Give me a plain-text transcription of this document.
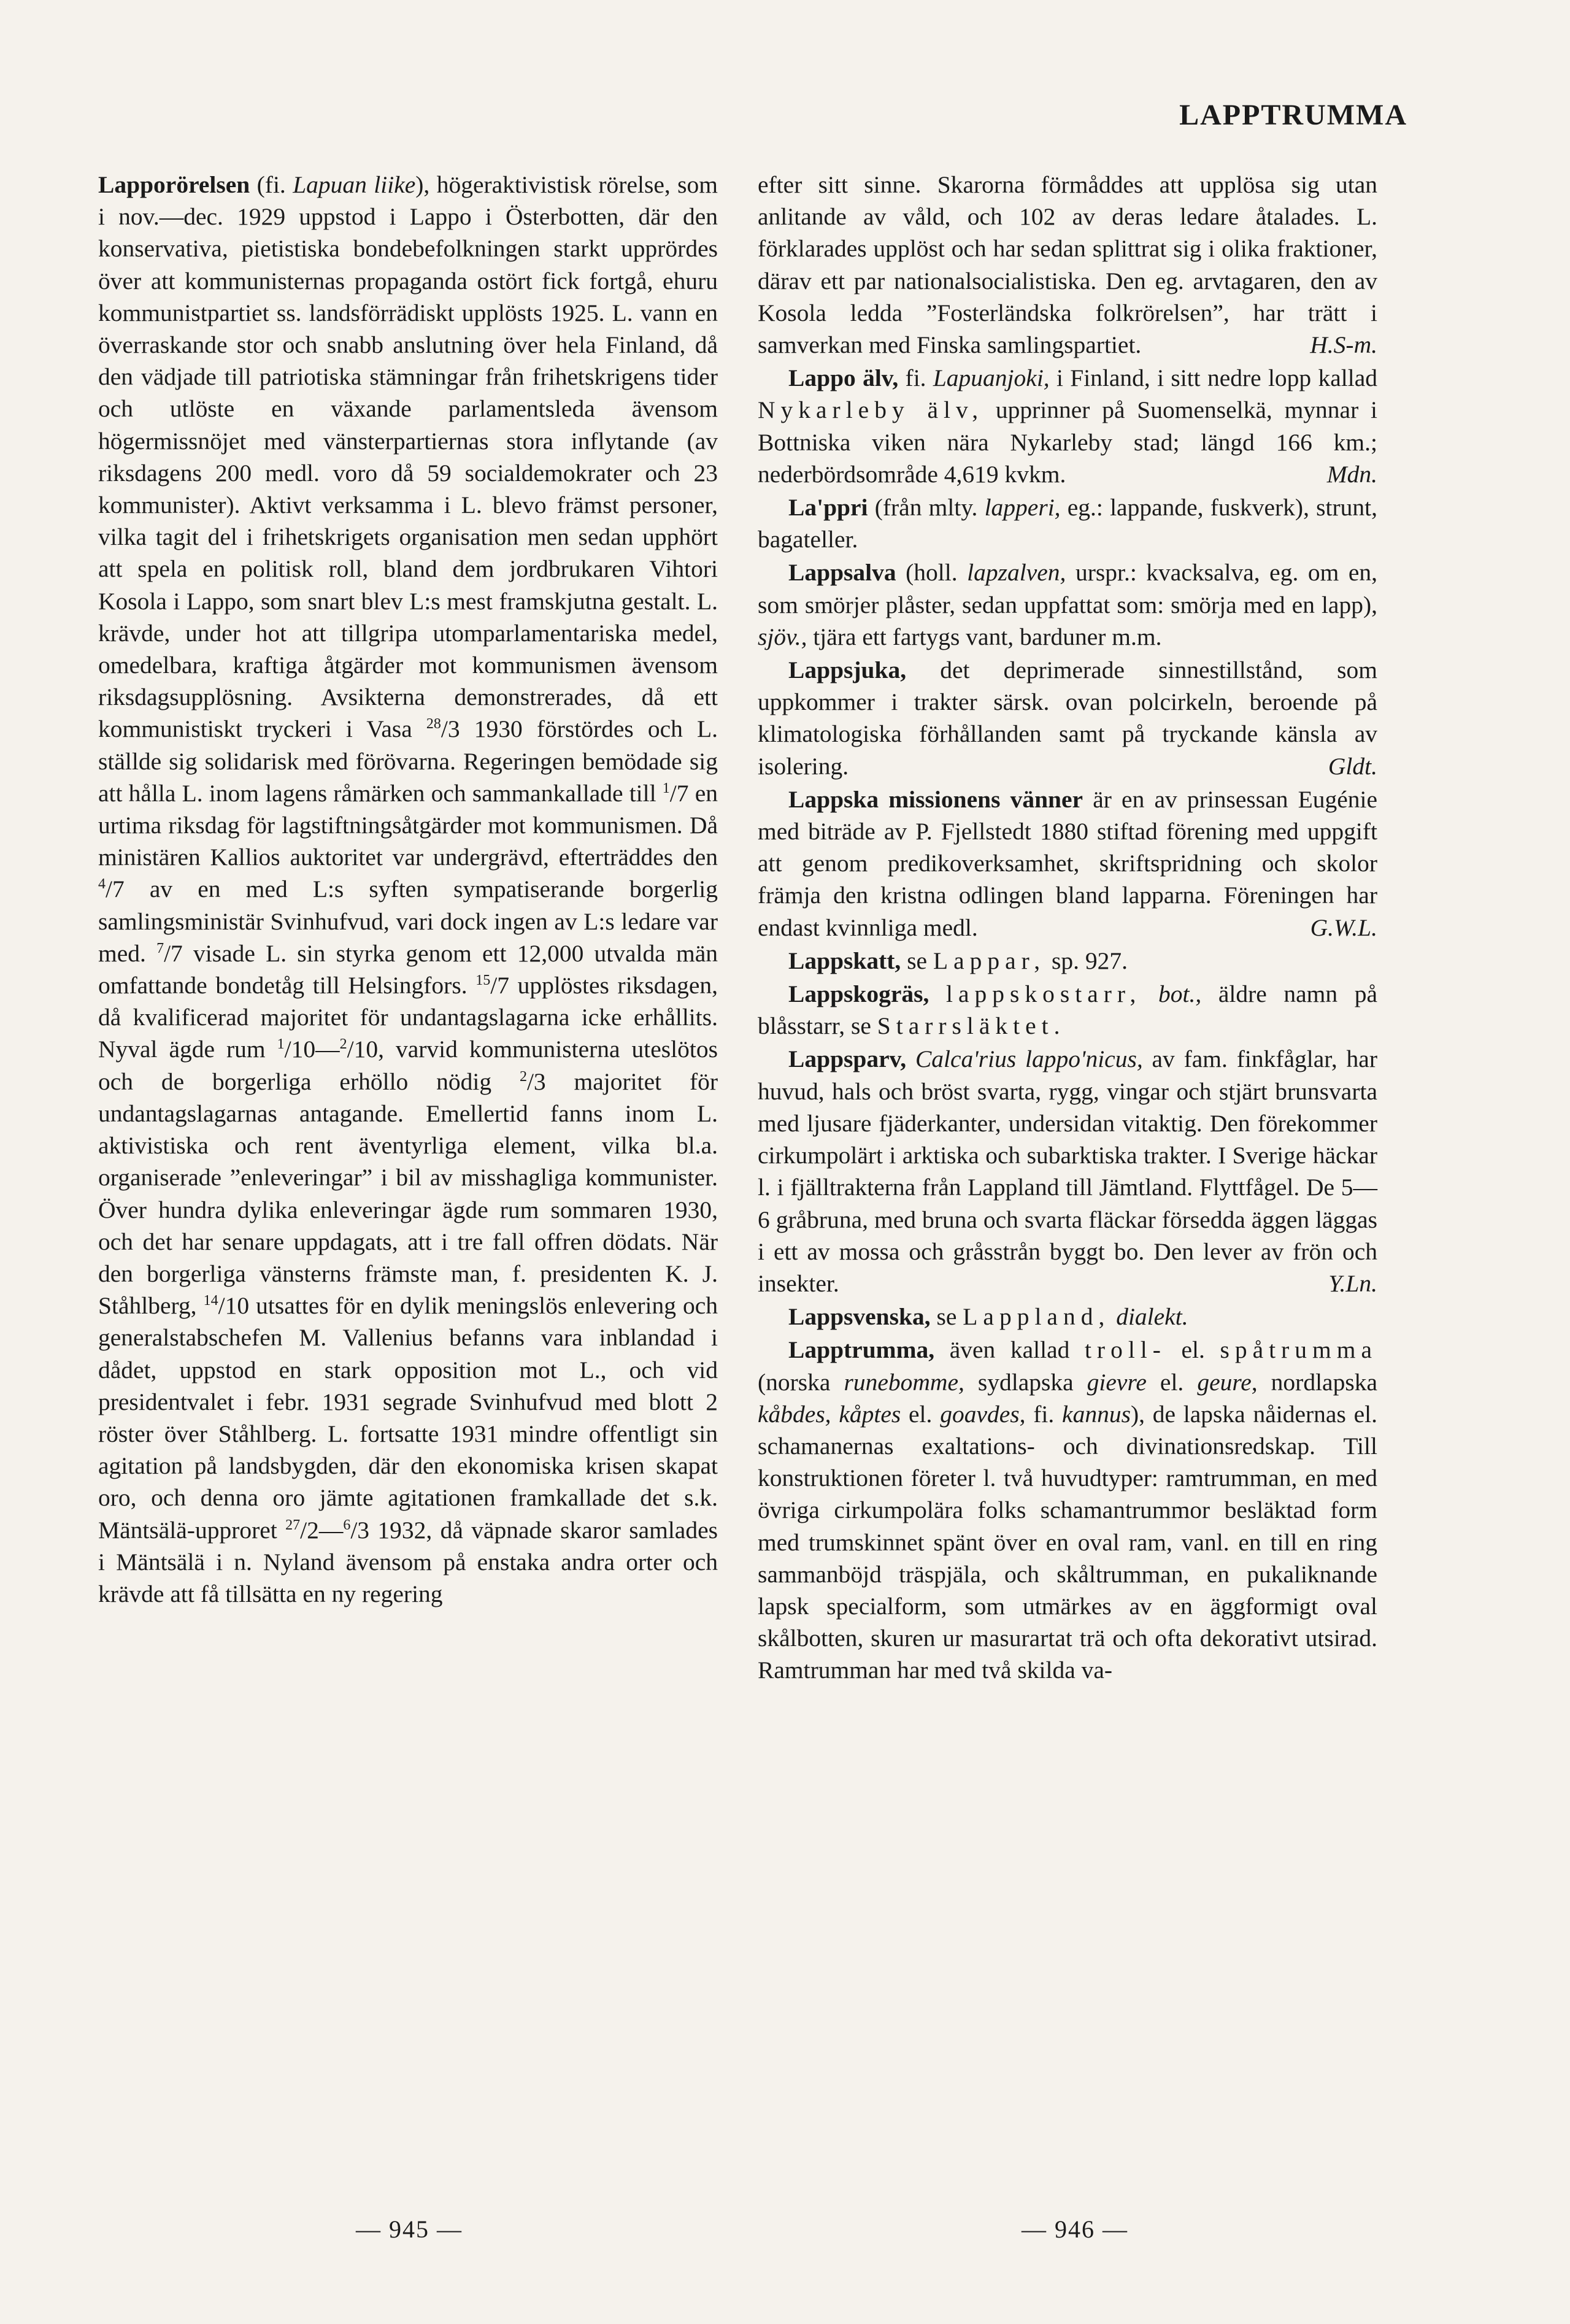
LAPPTRUMMA

Lapporörelsen (fi. Lapuan liike), högeraktivistisk rörelse, som i nov.—dec. 1929 uppstod i Lappo i Österbotten, där den konservativa, pietistiska bondebefolkningen starkt upprördes över att kommunisternas propaganda ostört fick fortgå, ehuru kommunistpartiet ss. landsförrädiskt upplösts 1925. L. vann en överraskande stor och snabb anslutning över hela Finland, då den vädjade till patriotiska stämningar från frihetskrigens tider och utlöste en växande parlamentsleda ävensom högermissnöjet med vänsterpartiernas stora inflytande (av riksdagens 200 medl. voro då 59 socialdemokrater och 23 kommunister). Aktivt verksamma i L. blevo främst personer, vilka tagit del i frihetskrigets organisation men sedan upphört att spela en politisk roll, bland dem jordbrukaren Vihtori Kosola i Lappo, som snart blev L:s mest framskjutna gestalt. L. krävde, under hot att tillgripa utomparlamentariska medel, omedelbara, kraftiga åtgärder mot kommunismen ävensom riksdagsupplösning. Avsikterna demonstrerades, då ett kommunistiskt tryckeri i Vasa $^{28}$/3 1930 förstördes och L. ställde sig solidarisk med förövarna. Regeringen bemödade sig att hålla L. inom lagens råmärken och sammankallade till $^1$/7 en urtima riksdag för lagstiftningsåtgärder mot kommunismen. Då ministären Kallios auktoritet var undergrävd, efterträddes den $^4$/7 av en med L:s syften sympatiserande borgerlig samlingsministär Svinhufvud, vari dock ingen av L:s ledare var med. $^7$/7 visade L. sin styrka genom ett 12,000 utvalda män omfattande bondetåg till Helsingfors. $^{15}$/7 upplöstes riksdagen, då kvalificerad majoritet för undantagslagarna icke erhållits. Nyval ägde rum $^1$/10—$^2$/10, varvid kommunisterna uteslötos och de borgerliga erhöllo nödig $^2$/3 majoritet för undantagslagarnas antagande. Emellertid fanns inom L. aktivistiska och rent äventyrliga element, vilka bl.a. organiserade ”enleveringar” i bil av misshagliga kommunister. Över hundra dylika enleveringar ägde rum sommaren 1930, och det har senare uppdagats, att i tre fall offren dödats. När den borgerliga vänsterns främste man, f. presidenten K. J. Ståhlberg, $^{14}$/10 utsattes för en dylik meningslös enlevering och generalstabschefen M. Vallenius befanns vara inblandad i dådet, uppstod en stark opposition mot L., och vid presidentvalet i febr. 1931 segrade Svinhufvud med blott 2 röster över Ståhlberg. L. fortsatte 1931 mindre offentligt sin agitation på landsbygden, där den ekonomiska krisen skapat oro, och denna oro jämte agitationen framkallade det s.k. Mäntsälä-upproret $^{27}$/2—$^6$/3 1932, då väpnade skaror samlades i Mäntsälä i n. Nyland ävensom på enstaka andra orter och krävde att få tillsätta en ny regering

efter sitt sinne. Skarorna förmåddes att upplösa sig utan anlitande av våld, och 102 av deras ledare åtalades. L. förklarades upplöst och har sedan splittrat sig i olika fraktioner, därav ett par nationalsocialistiska. Den eg. arvtagaren, den av Kosola ledda ”Fosterländska folkrörelsen”, har trätt i samverkan med Finska samlingspartiet.	H.S-m.

Lappo älv, fi. Lapuanjoki, i Finland, i sitt nedre lopp kallad Nykarleby älv, upprinner på Suomenselkä, mynnar i Bottniska viken nära Nykarleby stad; längd 166 km.; nederbördsområde 4,619 kvkm.	Mdn.

La'ppri (från mlty. lapperi, eg.: lappande, fuskverk), strunt, bagateller.

Lappsalva (holl. lapzalven, urspr.: kvacksalva, eg. om en, som smörjer plåster, sedan uppfattat som: smörja med en lapp), sjöv., tjära ett fartygs vant, barduner m.m.

Lappsjuka, det deprimerade sinnestillstånd, som uppkommer i trakter särsk. ovan polcirkeln, beroende på klimatologiska förhållanden samt på tryckande känsla av isolering.	Gldt.

Lappska missionens vänner är en av prinsessan Eugénie med biträde av P. Fjellstedt 1880 stiftad förening med uppgift att genom predikoverksamhet, skriftspridning och skolor främja den kristna odlingen bland lapparna. Föreningen har endast kvinnliga medl.	G.W.L.

Lappskatt, se Lappar, sp. 927.

Lappskogräs, lappskostarr, bot., äldre namn på blåsstarr, se Starrsläktet.

Lappsparv, Calca'rius lappo'nicus, av fam. finkfåglar, har huvud, hals och bröst svarta, rygg, vingar och stjärt brunsvarta med ljusare fjäderkanter, undersidan vitaktig. Den förekommer cirkumpolärt i arktiska och subarktiska trakter. I Sverige häckar l. i fjälltrakterna från Lappland till Jämtland. Flyttfågel. De 5—6 gråbruna, med bruna och svarta fläckar försedda äggen läggas i ett av mossa och gråsstrån byggt bo. Den lever av frön och insekter.	Y.Ln.

Lappsvenska, se Lappland, dialekt.

Lapptrumma, även kallad troll- el. spåtrumma (norska runebomme, sydlapska gievre el. geure, nordlapska kåbdes, kåptes el. goavdes, fi. kannus), de lapska nåidernas el. schamanernas exaltations- och divinationsredskap. Till konstruktionen företer l. två huvudtyper: ramtrumman, en med övriga cirkumpolära folks schamantrummor besläktad form med trumskinnet spänt över en oval ram, vanl. en till en ring sammanböjd träspjäla, och skåltrumman, en pukaliknande lapsk specialform, som utmärkes av en äggformigt oval skålbotten, skuren ur masurartat trä och ofta dekorativt utsirad. Ramtrumman har med två skilda va-

— 945 —	— 946 —
